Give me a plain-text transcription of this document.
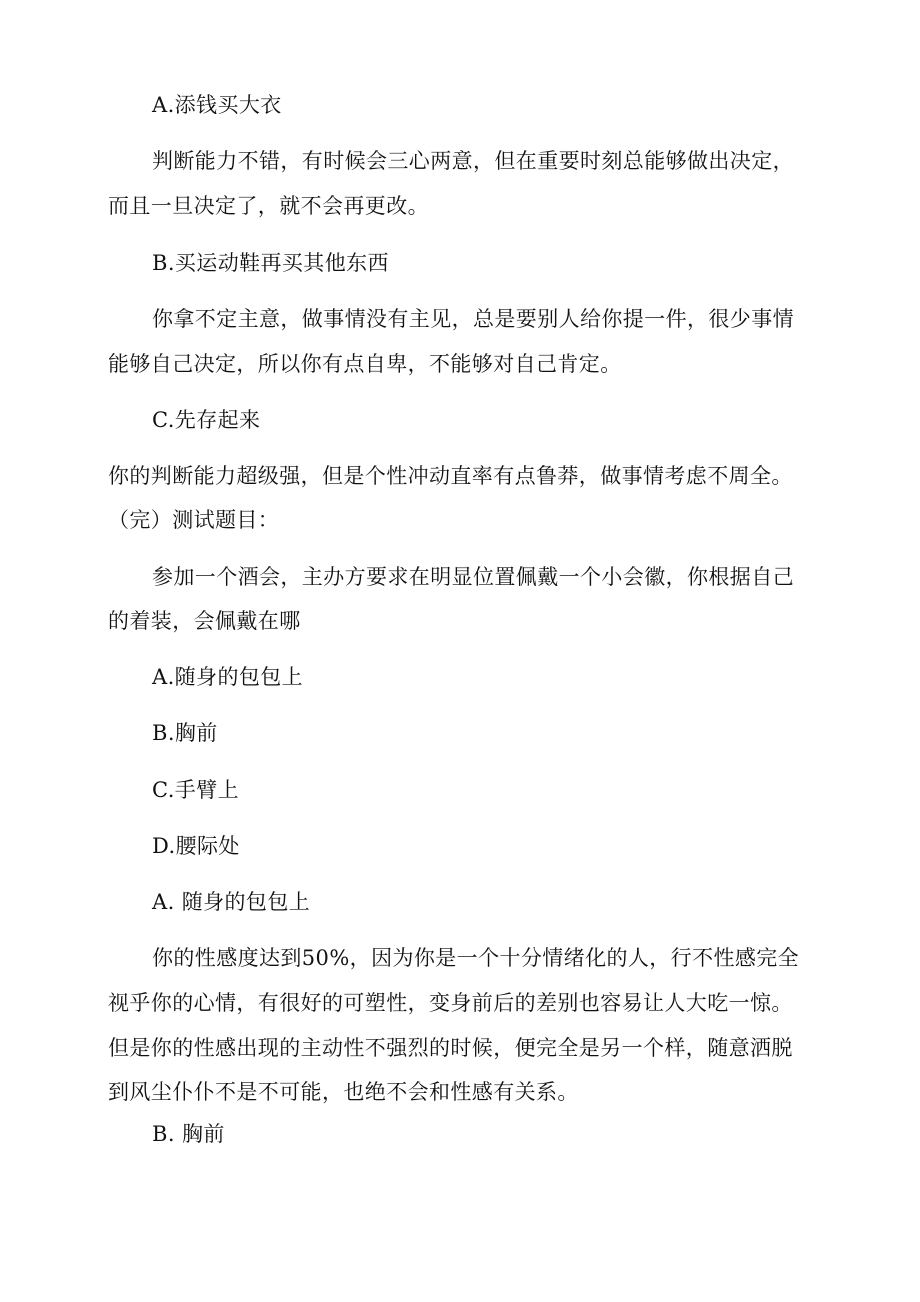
A.添钱买大衣
判断能力不错，有时候会三心两意，但在重要时刻总能够做出决定，
而且一旦决定了，就不会再更改。
B.买运动鞋再买其他东西
你拿不定主意，做事情没有主见，总是要别人给你提一件，很少事情
能够自己决定，所以你有点自卑，不能够对自己肯定。
C.先存起来
你的判断能力超级强，但是个性冲动直率有点鲁莽，做事情考虑不周全。
（完）测试题目：
参加一个酒会，主办方要求在明显位置佩戴一个小会徽，你根据自己
的着装，会佩戴在哪
A.随身的包包上
B.胸前
C.手臂上
D.腰际处
A. 随身的包包上
你的性感度达到50%，因为你是一个十分情绪化的人，行不性感完全
视乎你的心情，有很好的可塑性，变身前后的差别也容易让人大吃一惊。
但是你的性感出现的主动性不强烈的时候，便完全是另一个样，随意洒脱
到风尘仆仆不是不可能，也绝不会和性感有关系。
B. 胸前
